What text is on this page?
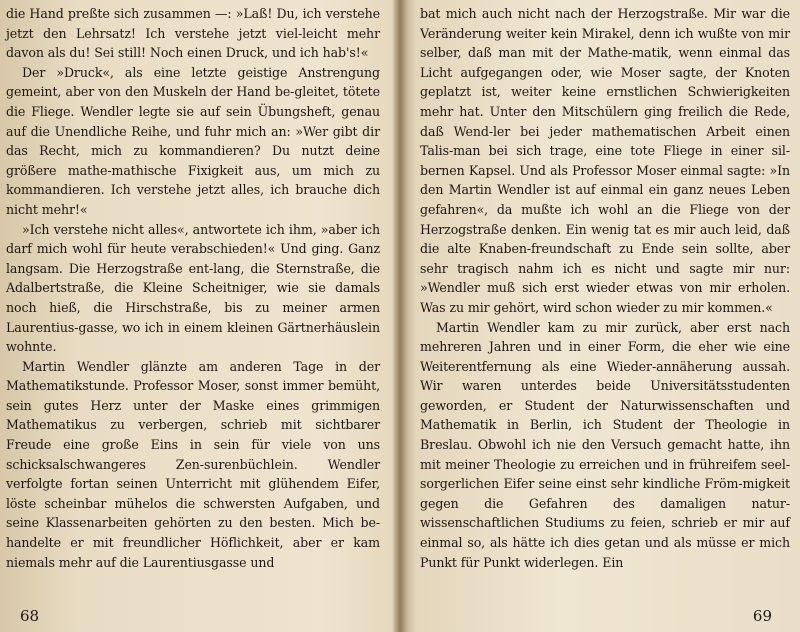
die Hand preßte sich zusammen —: »Laß! Du, ich verstehe jetzt den Lehrsatz! Ich verstehe jetzt viel-leicht mehr davon als du! Sei still! Noch einen Druck, und ich hab's!«

Der »Druck«, als eine letzte geistige Anstrengung gemeint, aber von den Muskeln der Hand be-gleitet, tötete die Fliege. Wendler legte sie auf sein Übungsheft, genau auf die Unendliche Reihe, und fuhr mich an: »Wer gibt dir das Recht, mich zu kommandieren? Du nutzt deine größere mathe-mathische Fixigkeit aus, um mich zu kommandieren. Ich verstehe jetzt alles, ich brauche dich nicht mehr!«

»Ich verstehe nicht alles«, antwortete ich ihm, »aber ich darf mich wohl für heute verabschieden!« Und ging. Ganz langsam. Die Herzogstraße ent-lang, die Sternstraße, die Adalbertstraße, die Kleine Scheitniger, wie sie damals noch hieß, die Hirschstraße, bis zu meiner armen Laurentius-gasse, wo ich in einem kleinen Gärtnerhäuslein wohnte.

Martin Wendler glänzte am anderen Tage in der Mathematikstunde. Professor Moser, sonst immer bemüht, sein gutes Herz unter der Maske eines grimmigen Mathematikus zu verbergen, schrieb mit sichtbarer Freude eine große Eins in sein für viele von uns schicksalschwangeres Zen-surenbüchlein. Wendler verfolgte fortan seinen Unterricht mit glühendem Eifer, löste scheinbar mühelos die schwersten Aufgaben, und seine Klassenarbeiten gehörten zu den besten. Mich be-handelte er mit freundlicher Höflichkeit, aber er kam niemals mehr auf die Laurentiusgasse und

68

bat mich auch nicht nach der Herzogstraße. Mir war die Veränderung weiter kein Mirakel, denn ich wußte von mir selber, daß man mit der Mathe-matik, wenn einmal das Licht aufgegangen oder, wie Moser sagte, der Knoten geplatzt ist, weiter keine ernstlichen Schwierigkeiten mehr hat. Unter den Mitschülern ging freilich die Rede, daß Wend-ler bei jeder mathematischen Arbeit einen Talis-man bei sich trage, eine tote Fliege in einer sil-bernen Kapsel. Und als Professor Moser einmal sagte: »In den Martin Wendler ist auf einmal ein ganz neues Leben gefahren«, da mußte ich wohl an die Fliege von der Herzogstraße denken. Ein wenig tat es mir auch leid, daß die alte Knaben-freundschaft zu Ende sein sollte, aber sehr tragisch nahm ich es nicht und sagte mir nur: »Wendler muß sich erst wieder etwas von mir erholen. Was zu mir gehört, wird schon wieder zu mir kommen.«

Martin Wendler kam zu mir zurück, aber erst nach mehreren Jahren und in einer Form, die eher wie eine Weiterentfernung als eine Wieder-annäherung aussah. Wir waren unterdes beide Universitätsstudenten geworden, er Student der Naturwissenschaften und Mathematik in Berlin, ich Student der Theologie in Breslau. Obwohl ich nie den Versuch gemacht hatte, ihn mit meiner Theologie zu erreichen und in frühreifem seel-sorgerlichen Eifer seine einst sehr kindliche Fröm-migkeit gegen die Gefahren des damaligen natur-wissenschaftlichen Studiums zu feien, schrieb er mir auf einmal so, als hätte ich dies getan und als müsse er mich Punkt für Punkt widerlegen. Ein

69
